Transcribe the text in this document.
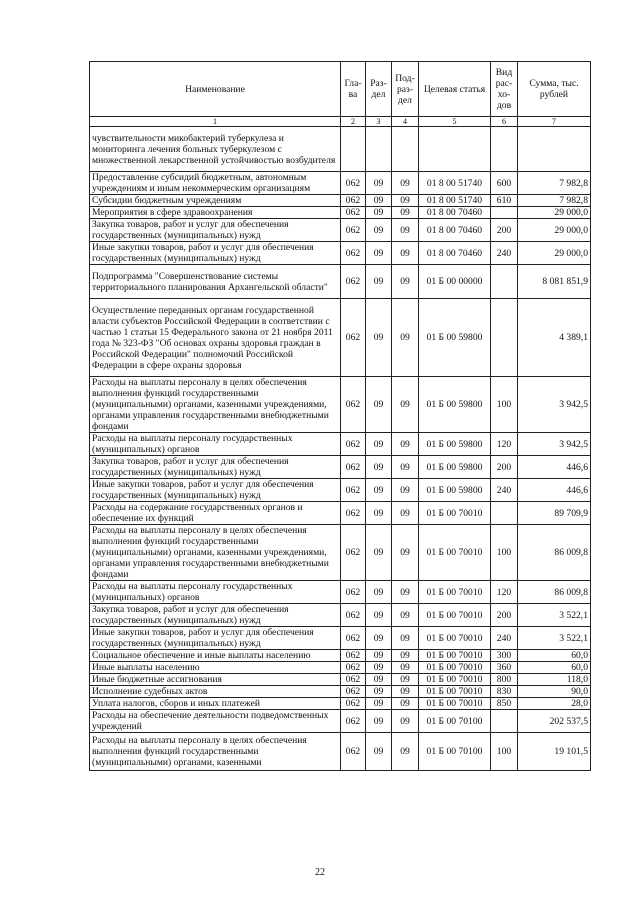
Наименование	Гла-ва	Раз-дел	Под-раз-дел	Целевая статья	Вид рас-хо-дов	Сумма, тыс. рублей
1	2	3	4	5	6	7
чувствительности микобактерий туберкулеза и мониторинга лечения больных туберкулезом с множественной лекарственной устойчивостью возбудителя						
Предоставление субсидий бюджетным, автономным учреждениям и иным некоммерческим организациям	062	09	09	01 8 00 51740	600	7 982,8
Субсидии бюджетным учреждениям	062	09	09	01 8 00 51740	610	7 982,8
Мероприятия в сфере здравоохранения	062	09	09	01 8 00 70460		29 000,0
Закупка товаров, работ и услуг для обеспечения государственных (муниципальных) нужд	062	09	09	01 8 00 70460	200	29 000,0
Иные закупки товаров, работ и услуг для обеспечения государственных (муниципальных) нужд	062	09	09	01 8 00 70460	240	29 000,0
Подпрограмма "Совершенствование системы территориального планирования Архангельской области"	062	09	09	01 Б 00 00000		8 081 851,9
Осуществление переданных органам государственной власти субъектов Российской Федерации в соответствии с частью 1 статьи 15 Федерального закона от 21 ноября 2011 года № 323-ФЗ "Об основах охраны здоровья граждан в Российской Федерации" полномочий Российской Федерации в сфере охраны здоровья	062	09	09	01 Б 00 59800		4 389,1
Расходы на выплаты персоналу в целях обеспечения выполнения функций государственными (муниципальными) органами, казенными учреждениями, органами управления государственными внебюджетными фондами	062	09	09	01 Б 00 59800	100	3 942,5
Расходы на выплаты персоналу государственных (муниципальных) органов	062	09	09	01 Б 00 59800	120	3 942,5
Закупка товаров, работ и услуг для обеспечения государственных (муниципальных) нужд	062	09	09	01 Б 00 59800	200	446,6
Иные закупки товаров, работ и услуг для обеспечения государственных (муниципальных) нужд	062	09	09	01 Б 00 59800	240	446,6
Расходы на содержание государственных органов и обеспечение их функций	062	09	09	01 Б 00 70010		89 709,9
Расходы на выплаты персоналу в целях обеспечения выполнения функций государственными (муниципальными) органами, казенными учреждениями, органами управления государственными внебюджетными фондами	062	09	09	01 Б 00 70010	100	86 009,8
Расходы на выплаты персоналу государственных (муниципальных) органов	062	09	09	01 Б 00 70010	120	86 009,8
Закупка товаров, работ и услуг для обеспечения государственных (муниципальных) нужд	062	09	09	01 Б 00 70010	200	3 522,1
Иные закупки товаров, работ и услуг для обеспечения государственных (муниципальных) нужд	062	09	09	01 Б 00 70010	240	3 522,1
Социальное обеспечение и иные выплаты населению	062	09	09	01 Б 00 70010	300	60,0
Иные выплаты населению	062	09	09	01 Б 00 70010	360	60,0
Иные бюджетные ассигнования	062	09	09	01 Б 00 70010	800	118,0
Исполнение судебных актов	062	09	09	01 Б 00 70010	830	90,0
Уплата налогов, сборов и иных платежей	062	09	09	01 Б 00 70010	850	28,0
Расходы на обеспечение деятельности подведомственных учреждений	062	09	09	01 Б 00 70100		202 537,5
Расходы на выплаты персоналу в целях обеспечения выполнения функций государственными (муниципальными) органами, казенными	062	09	09	01 Б 00 70100	100	19 101,5
22
